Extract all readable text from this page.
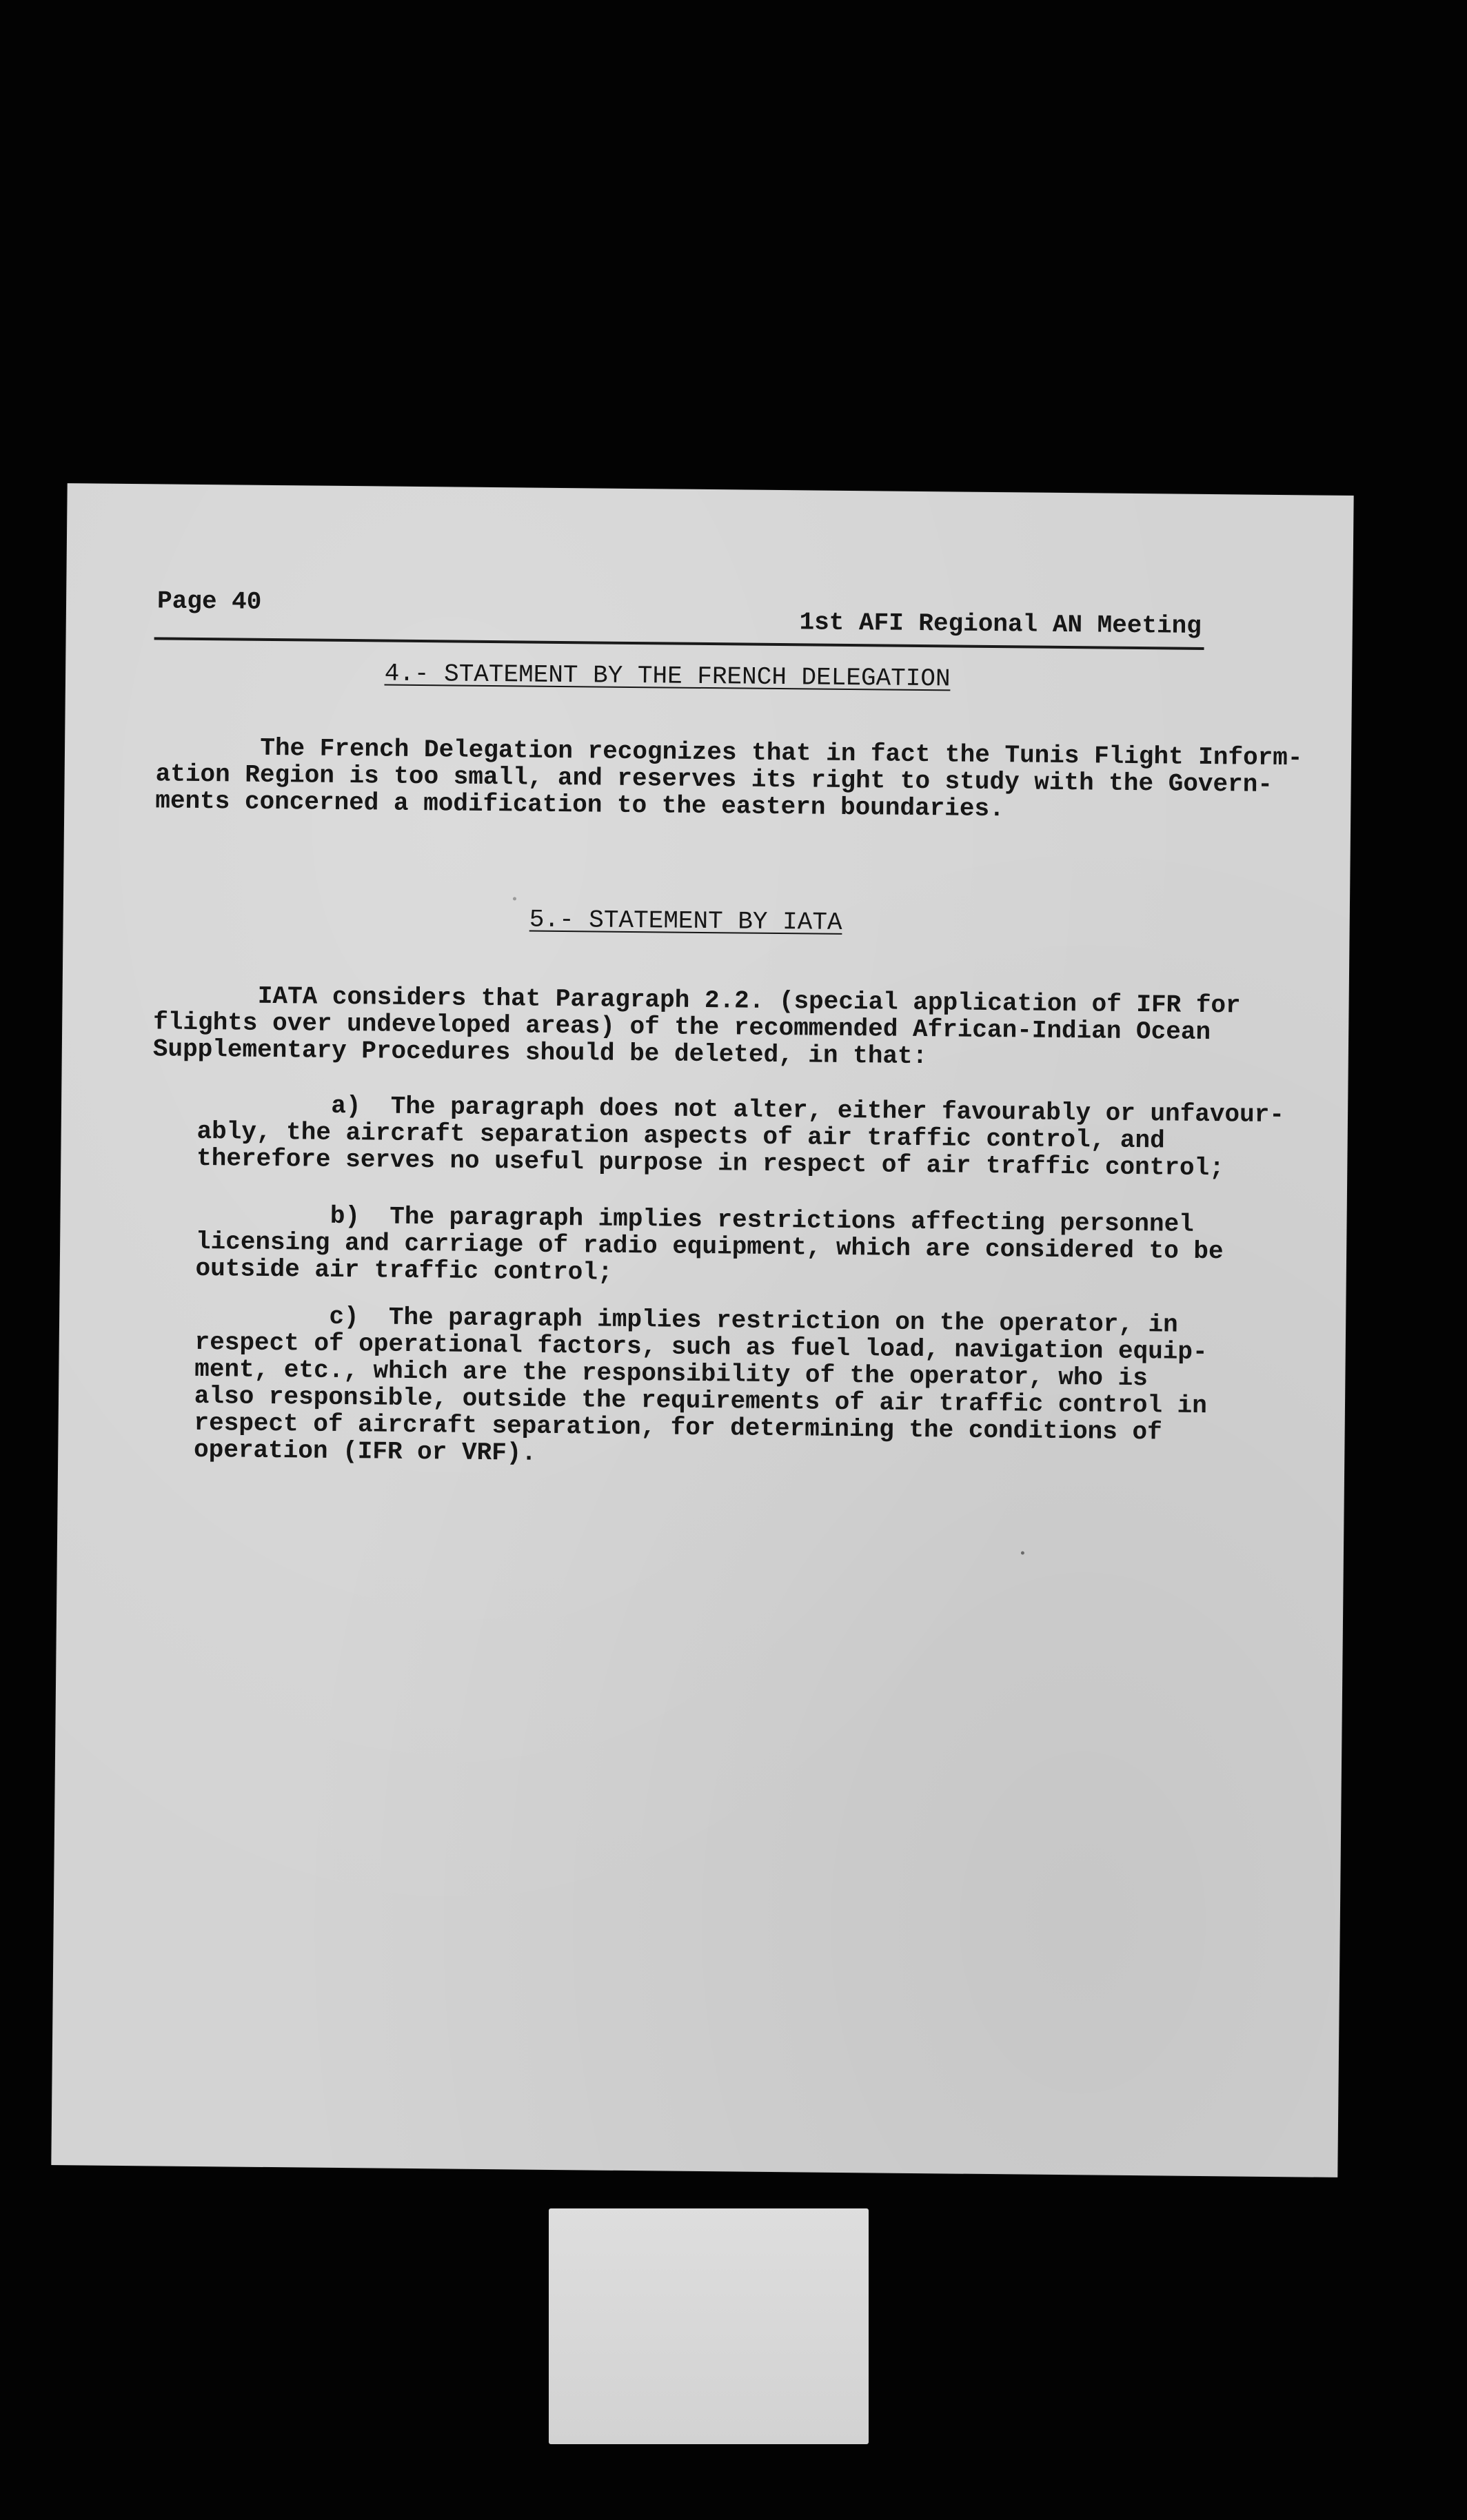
Page 40
1st AFI Regional AN Meeting
4.- STATEMENT BY THE FRENCH DELEGATION

The French Delegation recognizes that in fact the Tunis Flight Inform-
ation Region is too small, and reserves its right to study with the Govern-
ments concerned a modification to the eastern boundaries.

5.- STATEMENT BY IATA

IATA considers that Paragraph 2.2. (special application of IFR for
flights over undeveloped areas) of the recommended African-Indian Ocean
Supplementary Procedures should be deleted, in that:

a)  The paragraph does not alter, either favourably or unfavour-
ably, the aircraft separation aspects of air traffic control, and
therefore serves no useful purpose in respect of air traffic control;

b)  The paragraph implies restrictions affecting personnel
licensing and carriage of radio equipment, which are considered to be
outside air traffic control;

c)  The paragraph implies restriction on the operator, in
respect of operational factors, such as fuel load, navigation equip-
ment, etc., which are the responsibility of the operator, who is
also responsible, outside the requirements of air traffic control in
respect of aircraft separation, for determining the conditions of
operation (IFR or VRF).
